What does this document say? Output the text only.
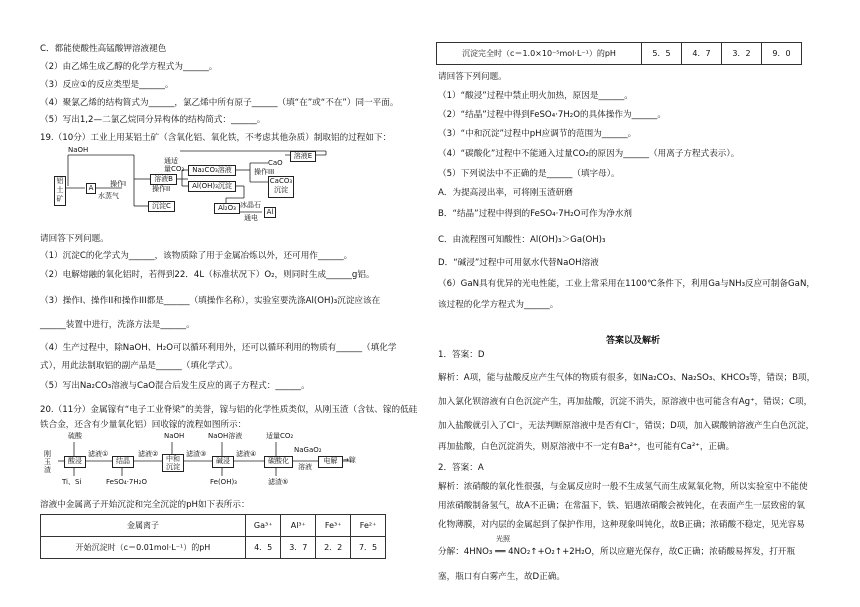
C．都能使酸性高锰酸钾溶液褪色
（2）由乙烯生成乙醇的化学方程式为______。
（3）反应①的反应类型是______。
（4）聚氯乙烯的结构简式为______，氯乙烯中所有原子______（填“在”或“不在”）同一平面。
（5）写出1,2—二氯乙烷同分异构体的结构简式：______。
19.（10分）工业上用某铝土矿（含氧化铝、氧化铁，不考虑其他杂质）制取铝的过程如下：
NaOH
铝土矿
A
水蒸气
操作I
溶液B
沉淀C
通适
量CO₂
操作II
Na₂CO₃溶液
Al(OH)₃沉淀
CaO
操作III
溶液E
CaCO₃
沉淀
Al₂O₃ 冰晶石
通电
Al
请回答下列问题。
（1）沉淀C的化学式为______，该物质除了用于金属冶炼以外，还可用作______。
（2）电解熔融的氧化铝时，若得到22．4L（标准状况下）O₂，则同时生成______g铝。
（3）操作I、操作II和操作III都是______（填操作名称），实验室要洗涤Al(OH)₃沉淀应该在
______装置中进行，洗涤方法是______。
（4）生产过程中，除NaOH、H₂O可以循环利用外，还可以循环利用的物质有______（填化学
式），用此法制取铝的副产品是______（填化学式）。
（5）写出Na₂CO₃溶液与CaO混合后发生反应的离子方程式：______。
20.（11分）金属镓有“电子工业脊梁”的美誉，镓与铝的化学性质类似，从刚玉渣（含钛、镓的低硅
铁合金，还含有少量氧化铝）回收镓的流程如图所示：
硫酸	NaOH	NaOH溶液	适量CO₂
NaGaO₂
溶液
刚玉渣
酸浸
滤液①
结晶
滤液②
中和
沉淀
滤渣③
碱浸
滤液④
碳酸化
滤渣⑤
电解 →镓
Ti、Si	FeSO₄·7H₂O	Fe(OH)₃
溶液中金属离子开始沉淀和完全沉淀的pH如下表所示：
金属离子	Ga³⁺	Al³⁺	Fe³⁺	Fe²⁺
开始沉淀时（c＝0.01mol·L⁻¹）的pH	4．5	3．7	2．2	7．5
沉淀完全时（c＝1.0×10⁻⁵mol·L⁻¹）的pH	5．5	4．7	3．2	9．0
请回答下列问题。
（1）“酸浸”过程中禁止明火加热，原因是______。
（2）“结晶”过程中得到FeSO₄·7H₂O的具体操作为______。
（3）“中和沉淀”过程中pH应调节的范围为______。
（4）“碳酸化”过程中不能通入过量CO₂的原因为______（用离子方程式表示）。
（5）下列说法中不正确的是______（填字母）。
A．为提高浸出率，可将刚玉渣研磨
B．“结晶”过程中得到的FeSO₄·7H₂O可作为净水剂
C．由流程图可知酸性：Al(OH)₃＞Ga(OH)₃
D．“碱浸”过程中可用氨水代替NaOH溶液
（6）GaN具有优异的光电性能，工业上常采用在1100℃条件下，利用Ga与NH₃反应可制备GaN，
该过程的化学方程式为______。
答案以及解析
1．答案：D
解析：A项，能与盐酸反应产生气体的物质有很多，如Na₂CO₃、Na₂SO₃、KHCO₃等，错误；B项，
加入氯化钡溶液有白色沉淀产生，再加盐酸，沉淀不消失，原溶液中也可能含有Ag⁺，错误；C项，
加入盐酸就引入了Cl⁻，无法判断原溶液中是否有Cl⁻，错误；D项，加入碳酸钠溶液产生白色沉淀，
再加盐酸，白色沉淀消失，则原溶液中不一定有Ba²⁺，也可能有Ca²⁺，正确。
2．答案：A
解析：浓硝酸的氧化性很强，与金属反应时一般不生成氢气而生成氮氧化物，所以实验室中不能使
用浓硝酸制备氢气，故A不正确；在常温下，铁、铝遇浓硝酸会被钝化，在表面产生一层致密的氧
化物薄膜，对内层的金属起到了保护作用，这种现象叫钝化，故B正确；浓硝酸不稳定，见光容易
光照
分解：4HNO₃ ══ 4NO₂↑+O₂↑+2H₂O，所以应避光保存，故C正确；浓硝酸易挥发，打开瓶
塞，瓶口有白雾产生，故D正确。
